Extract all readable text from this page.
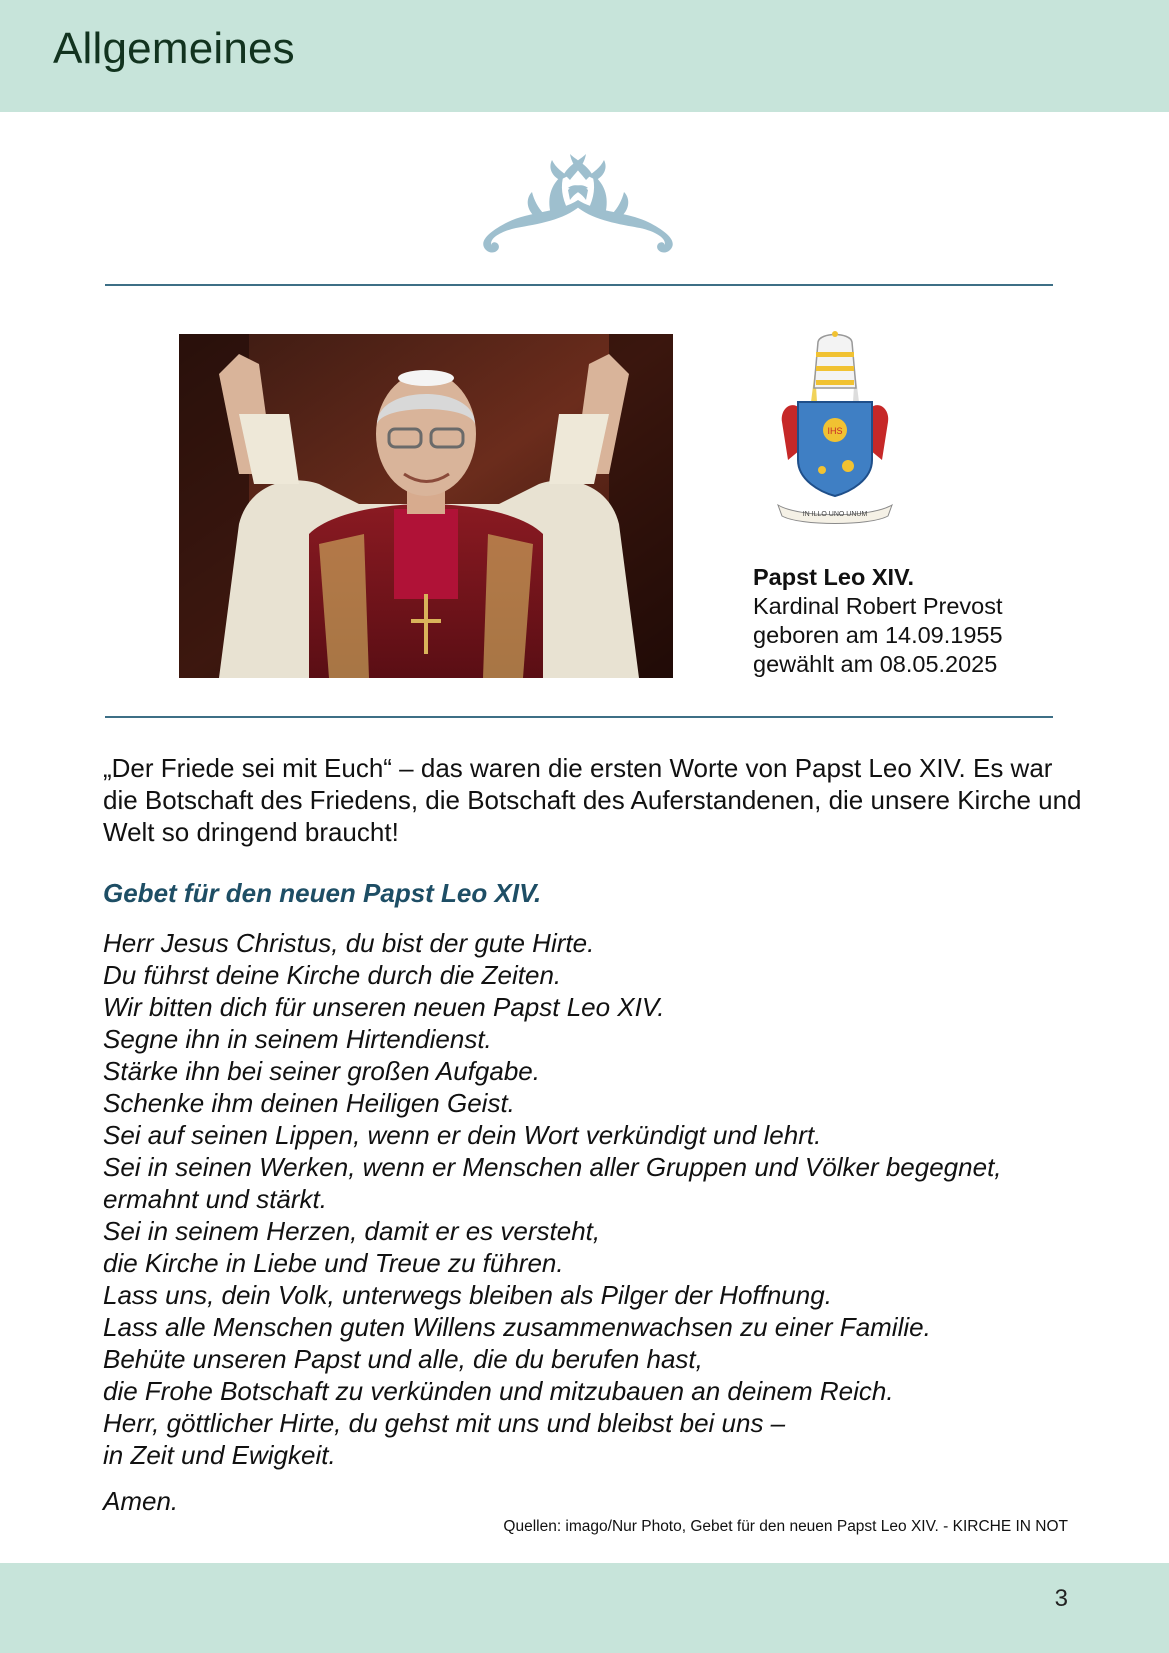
Allgemeines
IHS
IN ILLO UNO UNUM
Papst Leo XIV.
Kardinal Robert Prevost
geboren am 14.09.1955
gewählt am 08.05.2025
„Der Friede sei mit Euch“ – das waren die ersten Worte von Papst Leo XIV. Es war die Botschaft des Friedens, die Botschaft des Auferstandenen, die unsere Kirche und Welt so dringend braucht!
Gebet für den neuen Papst Leo XIV.
Herr Jesus Christus, du bist der gute Hirte.
Du führst deine Kirche durch die Zeiten.
Wir bitten dich für unseren neuen Papst Leo XIV.
Segne ihn in seinem Hirtendienst.
Stärke ihn bei seiner großen Aufgabe.
Schenke ihm deinen Heiligen Geist.
Sei auf seinen Lippen, wenn er dein Wort verkündigt und lehrt.
Sei in seinen Werken, wenn er Menschen aller Gruppen und Völker begegnet,
ermahnt und stärkt.
Sei in seinem Herzen, damit er es versteht,
die Kirche in Liebe und Treue zu führen.
Lass uns, dein Volk, unterwegs bleiben als Pilger der Hoffnung.
Lass alle Menschen guten Willens zusammenwachsen zu einer Familie.
Behüte unseren Papst und alle, die du berufen hast,
die Frohe Botschaft zu verkünden und mitzubauen an deinem Reich.
Herr, göttlicher Hirte, du gehst mit uns und bleibst bei uns –
in Zeit und Ewigkeit.
Amen.
Quellen: imago/Nur Photo, Gebet für den neuen Papst Leo XIV. - KIRCHE IN NOT
3
